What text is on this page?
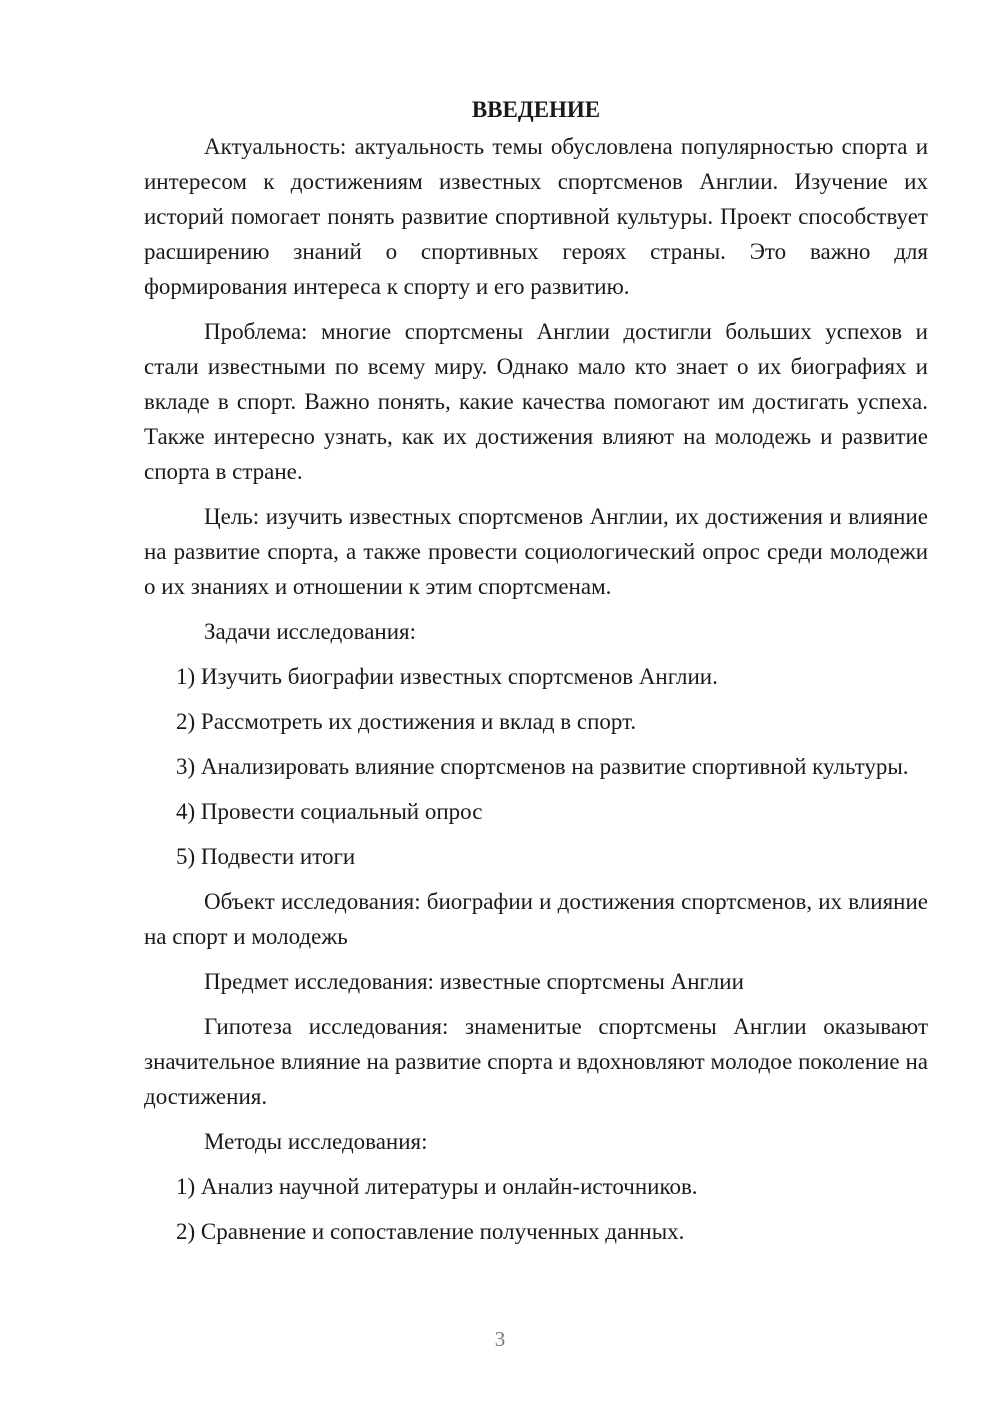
ВВЕДЕНИЕ

Актуальность: актуальность темы обусловлена популярностью спорта и интересом к достижениям известных спортсменов Англии. Изучение их историй помогает понять развитие спортивной культуры. Проект способствует расширению знаний о спортивных героях страны. Это важно для формирования интереса к спорту и его развитию.

Проблема: многие спортсмены Англии достигли больших успехов и стали известными по всему миру. Однако мало кто знает о их биографиях и вкладе в спорт. Важно понять, какие качества помогают им достигать успеха. Также интересно узнать, как их достижения влияют на молодежь и развитие спорта в стране.

Цель: изучить известных спортсменов Англии, их достижения и влияние на развитие спорта, а также провести социологический опрос среди молодежи о их знаниях и отношении к этим спортсменам.

Задачи исследования:

1) Изучить биографии известных спортсменов Англии.

2) Рассмотреть их достижения и вклад в спорт.

3) Анализировать влияние спортсменов на развитие спортивной культуры.

4) Провести социальный опрос

5) Подвести итоги

Объект исследования: биографии и достижения спортсменов, их влияние на спорт и молодежь

Предмет исследования: известные спортсмены Англии

Гипотеза исследования: знаменитые спортсмены Англии оказывают значительное влияние на развитие спорта и вдохновляют молодое поколение на достижения.

Методы исследования:

1) Анализ научной литературы и онлайн-источников.

2) Сравнение и сопоставление полученных данных.

3
